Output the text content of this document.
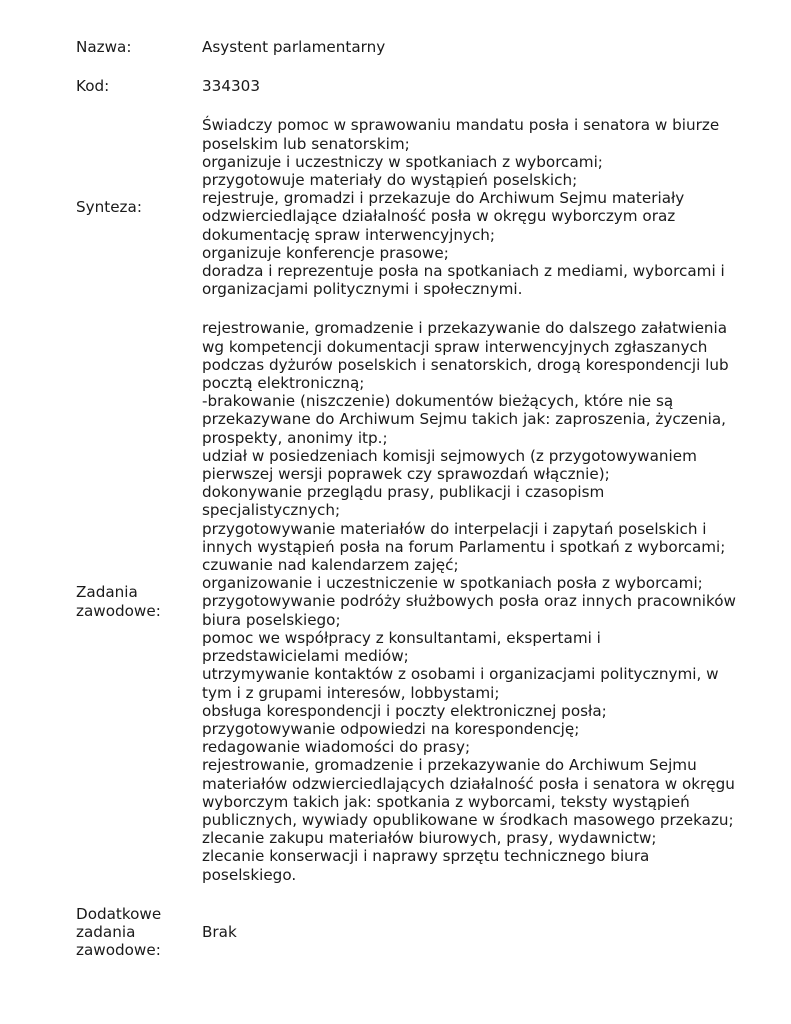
Nazwa:	Asystent parlamentarny
Kod:	334303
Synteza:
Świadczy pomoc w sprawowaniu mandatu posła i senatora w biurze
poselskim lub senatorskim;
organizuje i uczestniczy w spotkaniach z wyborcami;
przygotowuje materiały do wystąpień poselskich;
rejestruje, gromadzi i przekazuje do Archiwum Sejmu materiały
odzwierciedlające działalność posła w okręgu wyborczym oraz
dokumentację spraw interwencyjnych;
organizuje konferencje prasowe;
doradza i reprezentuje posła na spotkaniach z mediami, wyborcami i
organizacjami politycznymi i społecznymi.
Zadania
zawodowe:
rejestrowanie, gromadzenie i przekazywanie do dalszego załatwienia
wg kompetencji dokumentacji spraw interwencyjnych zgłaszanych
podczas dyżurów poselskich i senatorskich, drogą korespondencji lub
pocztą elektroniczną;
-brakowanie (niszczenie) dokumentów bieżących, które nie są
przekazywane do Archiwum Sejmu takich jak: zaproszenia, życzenia,
prospekty, anonimy itp.;
udział w posiedzeniach komisji sejmowych (z przygotowywaniem
pierwszej wersji poprawek czy sprawozdań włącznie);
dokonywanie przeglądu prasy, publikacji i czasopism
specjalistycznych;
przygotowywanie materiałów do interpelacji i zapytań poselskich i
innych wystąpień posła na forum Parlamentu i spotkań z wyborcami;
czuwanie nad kalendarzem zajęć;
organizowanie i uczestniczenie w spotkaniach posła z wyborcami;
przygotowywanie podróży służbowych posła oraz innych pracowników
biura poselskiego;
pomoc we współpracy z konsultantami, ekspertami i
przedstawicielami mediów;
utrzymywanie kontaktów z osobami i organizacjami politycznymi, w
tym i z grupami interesów, lobbystami;
obsługa korespondencji i poczty elektronicznej posła;
przygotowywanie odpowiedzi na korespondencję;
redagowanie wiadomości do prasy;
rejestrowanie, gromadzenie i przekazywanie do Archiwum Sejmu
materiałów odzwierciedlających działalność posła i senatora w okręgu
wyborczym takich jak: spotkania z wyborcami, teksty wystąpień
publicznych, wywiady opublikowane w środkach masowego przekazu;
zlecanie zakupu materiałów biurowych, prasy, wydawnictw;
zlecanie konserwacji i naprawy sprzętu technicznego biura
poselskiego.
Dodatkowe
zadania
zawodowe:
Brak
